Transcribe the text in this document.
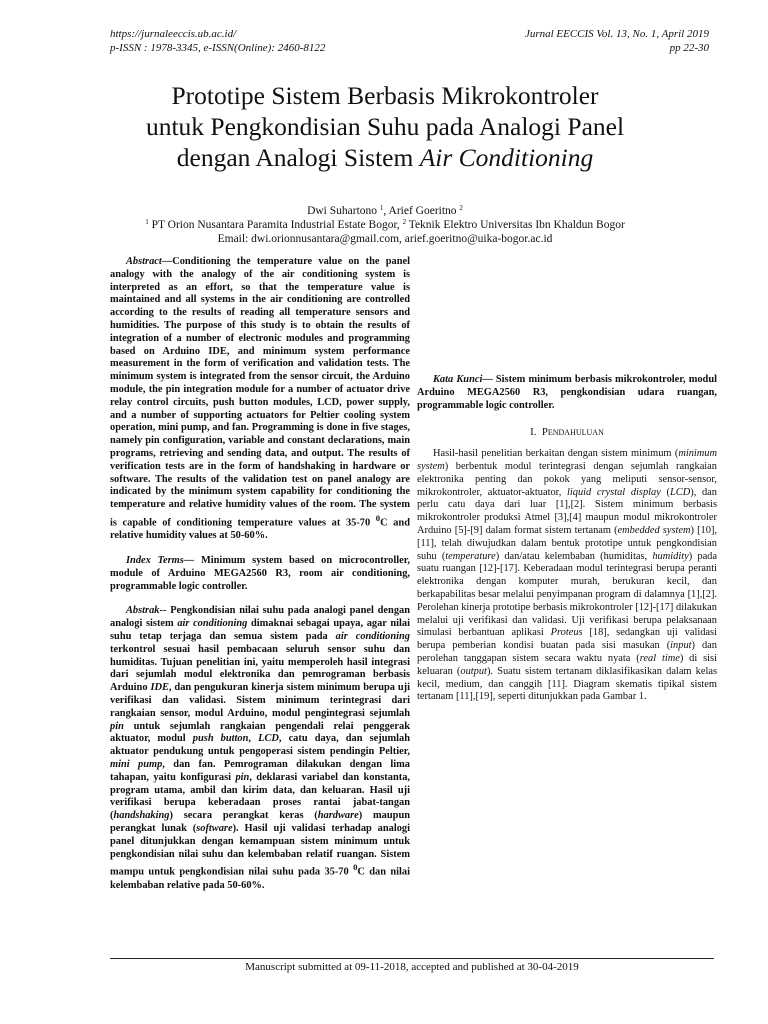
https://jurnaleeccis.ub.ac.id/
p-ISSN : 1978-3345, e-ISSN(Online): 2460-8122
Jurnal EECCIS Vol. 13, No. 1, April 2019
pp 22-30
Prototipe Sistem Berbasis Mikrokontroler
untuk Pengkondisian Suhu pada Analogi Panel
dengan Analogi Sistem Air Conditioning
Dwi Suhartono $^1$, Arief Goeritno $^2$
$^1$ PT Orion Nusantara Paramita Industrial Estate Bogor, $^2$ Teknik Elektro Universitas Ibn Khaldun Bogor
Email: dwi.orionnusantara@gmail.com, arief.goeritno@uika-bogor.ac.id

Abstract—Conditioning the temperature value on the panel analogy with the analogy of the air conditioning system is interpreted as an effort, so that the temperature value is maintained and all systems in the air conditioning are controlled according to the results of reading all temperature sensors and humidities. The purpose of this study is to obtain the results of integration of a number of electronic modules and programming based on Arduino IDE, and minimum system performance measurement in the form of verification and validation tests. The minimum system is integrated from the sensor circuit, the Arduino module, the pin integration module for a number of actuator drive relay control circuits, push button modules, LCD, power supply, and a number of supporting actuators for Peltier cooling system operation, mini pump, and fan. Programming is done in five stages, namely pin configuration, variable and constant declarations, main programs, retrieving and sending data, and output. The results of verification tests are in the form of handshaking in hardware or software. The results of the validation test on panel analogy are indicated by the minimum system capability for conditioning the temperature and relative humidity values of the room. The system is capable of conditioning temperature values at 35-70 $^0$C and relative humidity values at 50-60%.

Index Terms— Minimum system based on microcontroller, module of Arduino MEGA2560 R3, room air conditioning, programmable logic controller.

Abstrak-- Pengkondisian nilai suhu pada analogi panel dengan analogi sistem air conditioning dimaknai sebagai upaya, agar nilai suhu tetap terjaga dan semua sistem pada air conditioning terkontrol sesuai hasil pembacaan seluruh sensor suhu dan humiditas. Tujuan penelitian ini, yaitu memperoleh hasil integrasi dari sejumlah modul elektronika dan pemrograman berbasis Arduino IDE, dan pengukuran kinerja sistem minimum berupa uji verifikasi dan validasi. Sistem minimum terintegrasi dari rangkaian sensor, modul Arduino, modul pengintegrasi sejumlah pin untuk sejumlah rangkaian pengendali relai penggerak aktuator, modul push button, LCD, catu daya, dan sejumlah aktuator pendukung untuk pengoperasi sistem pendingin Peltier, mini pump, dan fan. Pemrograman dilakukan dengan lima tahapan, yaitu konfigurasi pin, deklarasi variabel dan konstanta, program utama, ambil dan kirim data, dan keluaran. Hasil uji verifikasi berupa keberadaan proses rantai jabat-tangan (handshaking) secara perangkat keras (hardware) maupun perangkat lunak (software). Hasil uji validasi terhadap analogi panel ditunjukkan dengan kemampuan sistem minimum untuk pengkondisian nilai suhu dan kelembaban relatif ruangan. Sistem mampu untuk pengkondisian nilai suhu pada 35-70 $^0$C dan nilai kelembaban relative pada 50-60%.

Kata Kunci— Sistem minimum berbasis mikrokontroler, modul Arduino MEGA2560 R3, pengkondisian udara ruangan, programmable logic controller.

I. Pendahuluan

Hasil-hasil penelitian berkaitan dengan sistem minimum (minimum system) berbentuk modul terintegrasi dengan sejumlah rangkaian elektronika penting dan pokok yang meliputi sensor-sensor, mikrokontroler, aktuator-aktuator, liquid crystal display (LCD), dan perlu catu daya dari luar [1],[2]. Sistem minimum berbasis mikrokontroler produksi Atmel [3],[4] maupun modul mikrokontroler Arduino [5]-[9] dalam format sistem tertanam (embedded system) [10],[11], telah diwujudkan dalam bentuk prototipe untuk pengkondisian suhu (temperature) dan/atau kelembaban (humiditas, humidity) pada suatu ruangan [12]-[17]. Keberadaan modul terintegrasi berupa peranti elektronika dengan komputer murah, berukuran kecil, dan berkapabilitas besar melalui penyimpanan program di dalamnya [1],[2]. Perolehan kinerja prototipe berbasis mikrokontroler [12]-[17] dilakukan melalui uji verifikasi dan validasi. Uji verifikasi berupa pelaksanaan simulasi berbantuan aplikasi Proteus [18], sedangkan uji validasi berupa pemberian kondisi buatan pada sisi masukan (input) dan perolehan tanggapan sistem secara waktu nyata (real time) di sisi keluaran (output). Suatu sistem tertanam diklasifikasikan dalam kelas kecil, medium, dan canggih [11]. Diagram skematis tipikal sistem tertanam [11],[19], seperti ditunjukkan pada Gambar 1.

Manuscript submitted at 09-11-2018, accepted and published at 30-04-2019
